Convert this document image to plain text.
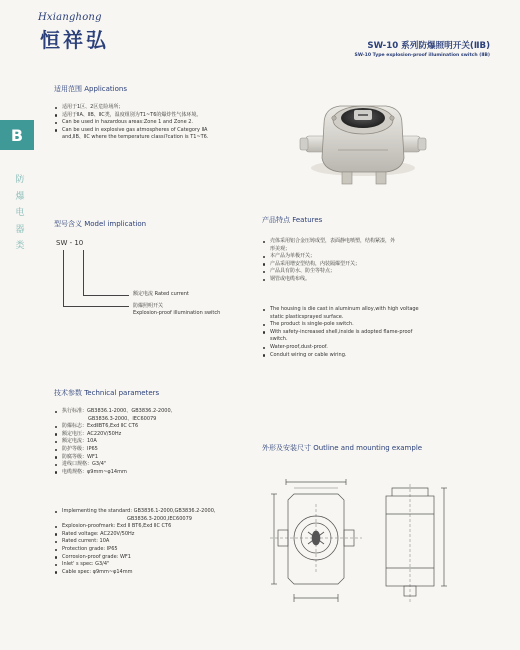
Hxianghong
恒祥弘	SW-10 系列防爆照明开关(ⅡB)
SW-10 Type explosion-proof illumination switch (ⅡB)
B
防
爆
电
器
类
适用范围 Applications
适用于1区、2区危险场所；
适用于ⅡA、ⅡB、ⅡC类，温度组别为T1~T6的爆炸性气体环境。
Can be used in hazardous areas:Zone 1 and Zone 2.
Can be used in explosive gas atmospheres of Category ⅡA
and,ⅡB、ⅡC where the temperature classi?cation is T1~T6.
型号含义 Model implication
SW - 10
额定电流 Rated current
防爆照明开关
Explosion-proof illumination switch
产品特点 Features
壳体采用铝合金压铸成型，表面静电喷塑，结构紧凑，外
形美观；
本产品为单极开关；
产品采用增安型结构，内装隔爆型开关；
产品具有防水、防尘等特点；
钢管或电缆布线。
The housing is die cast in aluminum alloy,with high voltage
static plasticsprayed surface.
The product is single-pole switch.
With safety-increased shell,inside is adopted flame-proof
switch.
Water-proof,dust-proof.
Conduit wiring or cable wiring.
技术参数 Technical parameters
执行标准：GB3836.1-2000、GB3836.2-2000、
GB3836.3-2000、IEC60079
防爆标志：ExdⅡBT6,Exd ⅡC CT6
额定电压：AC220V/50Hz
额定电流：10A
防护等级：IP65
防腐等级：WF1
进线口规格：G3/4"
电缆规格：φ9mm~φ14mm
Implementing the standard: GB3836.1-2000,GB3836.2-2000,
GB3836.3-2000,IEC60079
Explosion-proofmark: Exd Ⅱ BT6,Exd ⅡC CT6
Rated voltage: AC220V/50Hz
Rated current: 10A
Protection grade: IP65
Corrosion-proof grade: WF1
Inlet' s spec: G3/4"
Cable spec: φ9mm~φ14mm
外形及安装尺寸 Outline and mounting example
